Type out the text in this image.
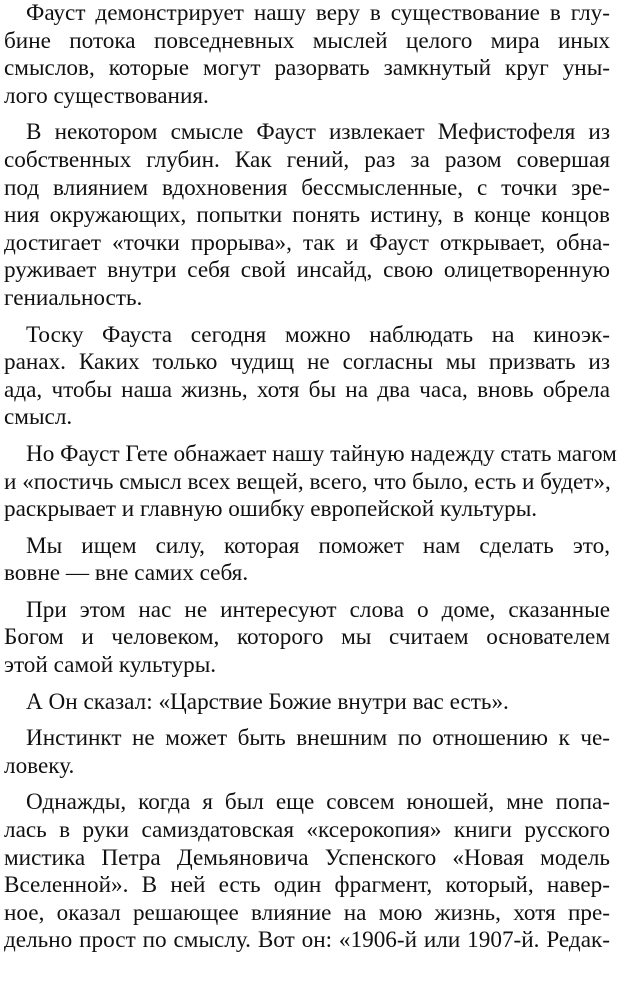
Фауст демонстрирует нашу веру в существование в глу-
бине потока повседневных мыслей целого мира иных
смыслов, которые могут разорвать замкнутый круг уны-
лого существования.

В некотором смысле Фауст извлекает Мефистофеля из
собственных глубин. Как гений, раз за разом совершая
под влиянием вдохновения бессмысленные, с точки зре-
ния окружающих, попытки понять истину, в конце концов
достигает «точки прорыва», так и Фауст открывает, обна-
руживает внутри себя свой инсайд, свою олицетворенную
гениальность.

Тоску Фауста сегодня можно наблюдать на киноэк-
ранах. Каких только чудищ не согласны мы призвать из
ада, чтобы наша жизнь, хотя бы на два часа, вновь обрела
смысл.

Но Фауст Гете обнажает нашу тайную надежду стать магом
и «постичь смысл всех вещей, всего, что было, есть и будет»,
раскрывает и главную ошибку европейской культуры.

Мы ищем силу, которая поможет нам сделать это,
вовне — вне самих себя.

При этом нас не интересуют слова о доме, сказанные
Богом и человеком, которого мы считаем основателем
этой самой культуры.

А Он сказал: «Царствие Божие внутри вас есть».

Инстинкт не может быть внешним по отношению к че-
ловеку.

Однажды, когда я был еще совсем юношей, мне попа-
лась в руки самиздатовская «ксерокопия» книги русского
мистика Петра Демьяновича Успенского «Новая модель
Вселенной». В ней есть один фрагмент, который, навер-
ное, оказал решающее влияние на мою жизнь, хотя пре-
дельно прост по смыслу. Вот он: «1906-й или 1907-й. Редак-
